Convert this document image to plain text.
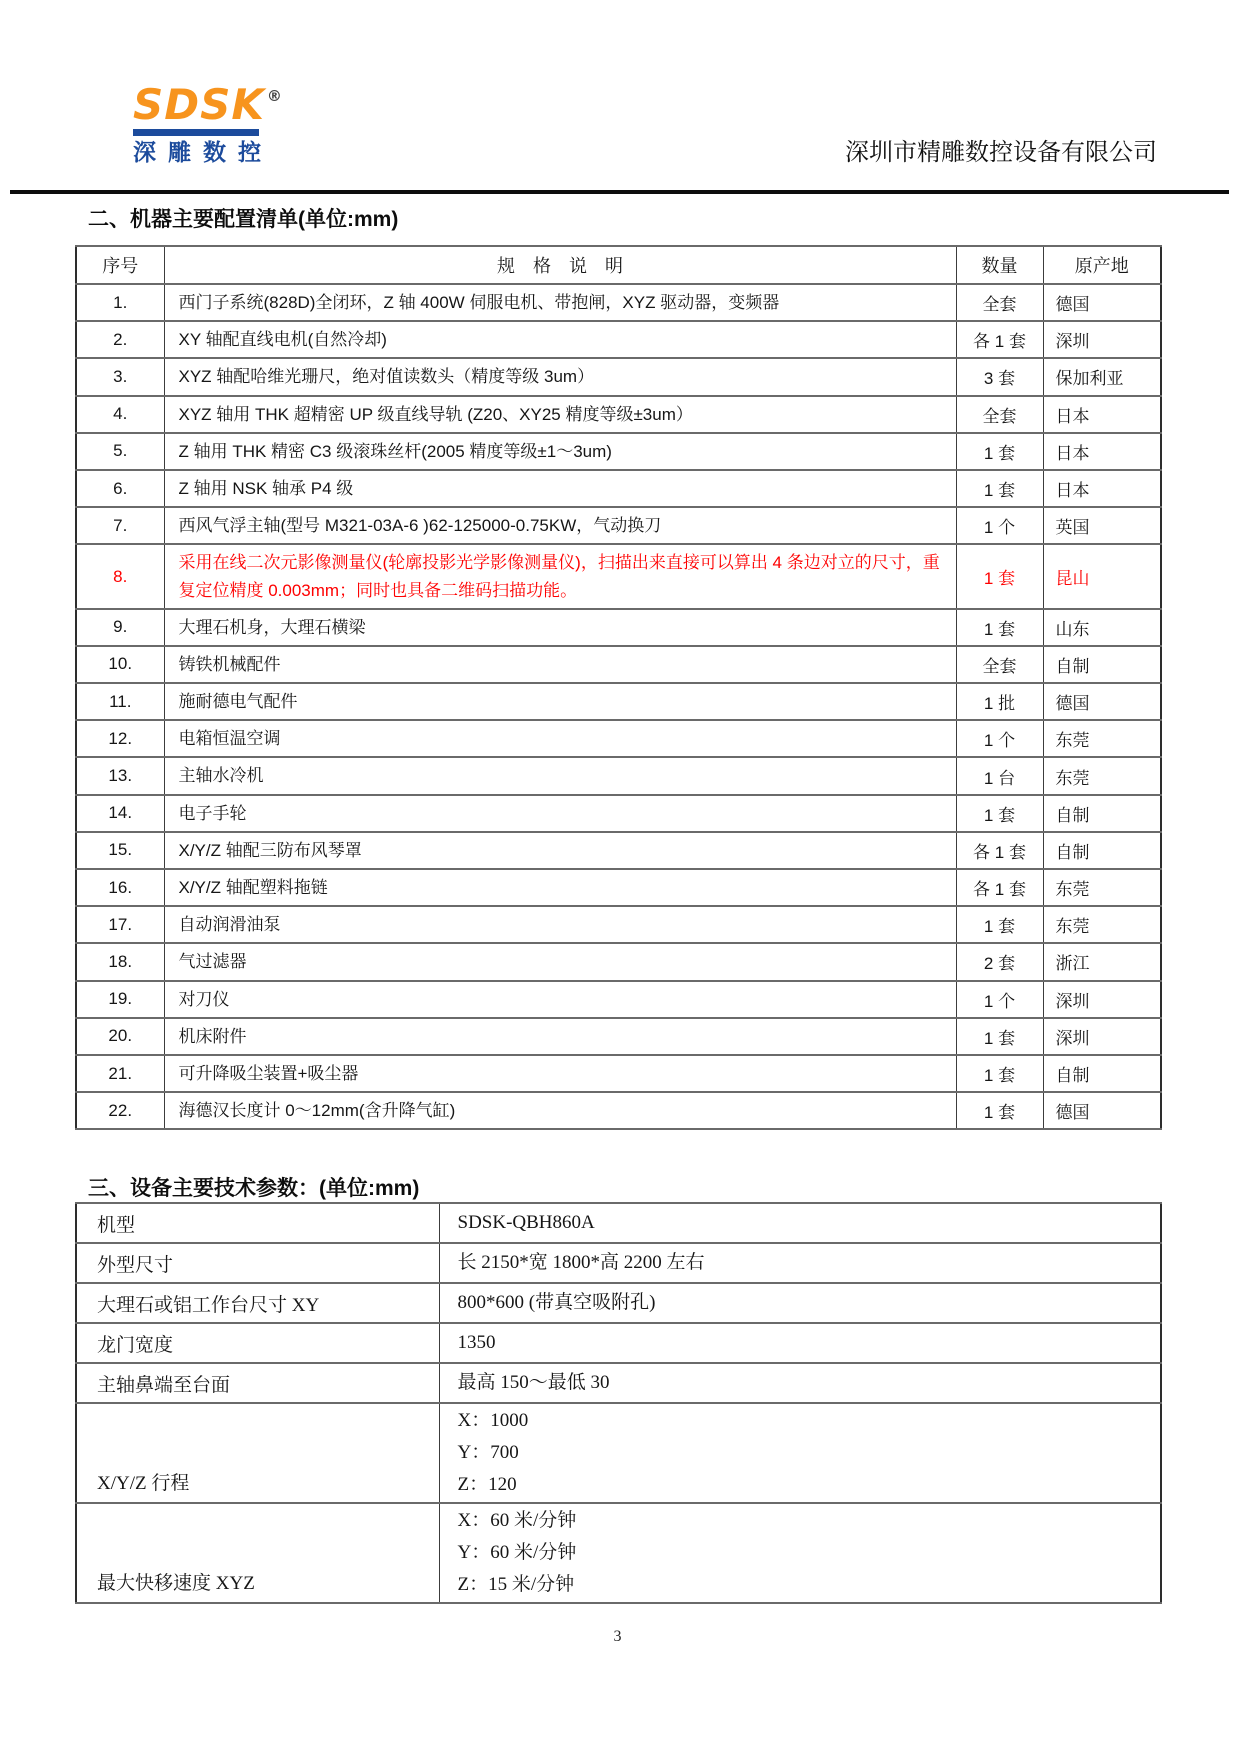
SDSK ®
深 雕 数 控	深圳市精雕数控设备有限公司
二、机器主要配置清单(单位:mm)
序号	规　格　说　明	数量	原产地
1.	西门子系统(828D)全闭环，Z 轴 400W 伺服电机、带抱闸，XYZ 驱动器，变频器	全套	德国
2.	XY 轴配直线电机(自然冷却)	各 1 套	深圳
3.	XYZ 轴配哈维光珊尺，绝对值读数头（精度等级 3um）	3 套	保加利亚
4.	XYZ 轴用 THK 超精密 UP 级直线导轨 (Z20、XY25 精度等级±3um）	全套	日本
5.	Z 轴用 THK 精密 C3 级滚珠丝杆(2005 精度等级±1～3um)	1 套	日本
6.	Z 轴用 NSK 轴承 P4 级	1 套	日本
7.	西风气浮主轴(型号 M321-03A-6 )62-125000-0.75KW，气动换刀	1 个	英国
8.	采用在线二次元影像测量仪(轮廓投影光学影像测量仪)，扫描出来直接可以算出 4 条边对立的尺寸，重复定位精度 0.003mm；同时也具备二维码扫描功能。	1 套	昆山
9.	大理石机身，大理石横梁	1 套	山东
10.	铸铁机械配件	全套	自制
11.	施耐德电气配件	1 批	德国
12.	电箱恒温空调	1 个	东莞
13.	主轴水冷机	1 台	东莞
14.	电子手轮	1 套	自制
15.	X/Y/Z 轴配三防布风琴罩	各 1 套	自制
16.	X/Y/Z 轴配塑料拖链	各 1 套	东莞
17.	自动润滑油泵	1 套	东莞
18.	气过滤器	2 套	浙江
19.	对刀仪	1 个	深圳
20.	机床附件	1 套	深圳
21.	可升降吸尘装置+吸尘器	1 套	自制
22.	海德汉长度计 0～12mm(含升降气缸)	1 套	德国
三、设备主要技术参数：(单位:mm)
机型	SDSK-QBH860A

外型尺寸	长 2150*宽 1800*高 2200 左右

大理石或铝工作台尺寸 XY	800*600 (带真空吸附孔)

龙门宽度	1350

主轴鼻端至台面	最高 150～最低 30

X/Y/Z 行程	X：1000
Y：700
Z：120

最大快移速度 XYZ	X：60 米/分钟
Y：60 米/分钟
Z：15 米/分钟
3
